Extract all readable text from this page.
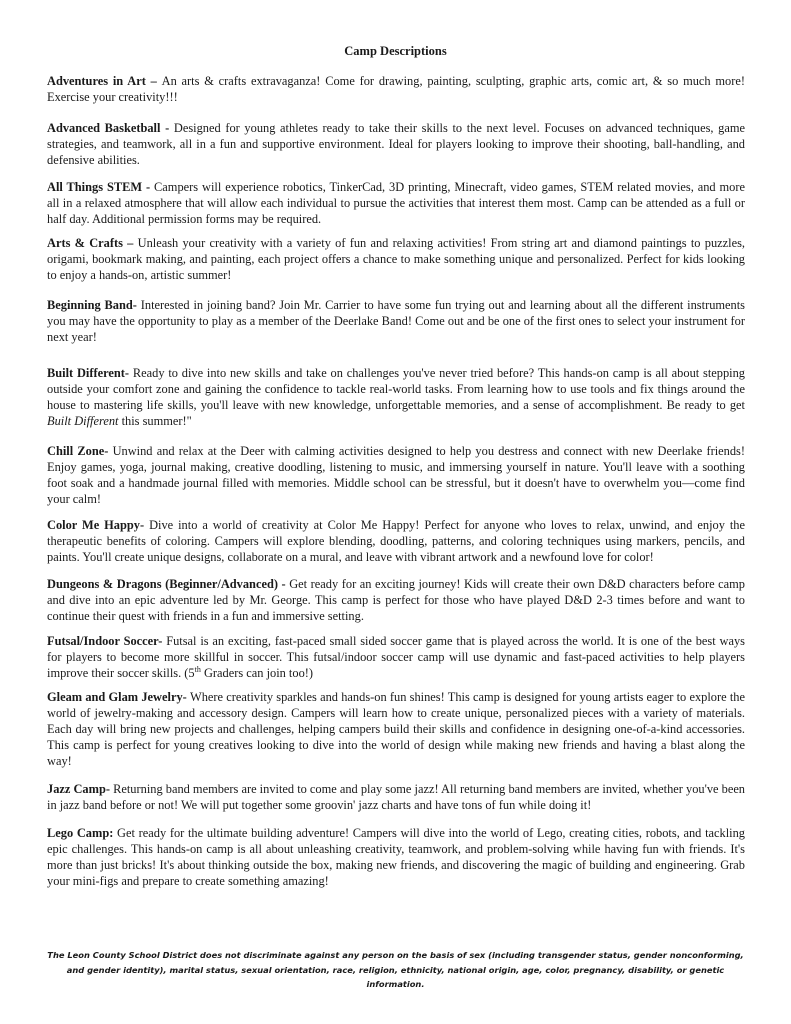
Camp Descriptions

Adventures in Art – An arts & crafts extravaganza! Come for drawing, painting, sculpting, graphic arts, comic art, & so much more! Exercise your creativity!!!

Advanced Basketball - Designed for young athletes ready to take their skills to the next level. Focuses on advanced techniques, game strategies, and teamwork, all in a fun and supportive environment. Ideal for players looking to improve their shooting, ball-handling, and defensive abilities.

All Things STEM - Campers will experience robotics, TinkerCad, 3D printing, Minecraft, video games, STEM related movies, and more all in a relaxed atmosphere that will allow each individual to pursue the activities that interest them most. Camp can be attended as a full or half day. Additional permission forms may be required.

Arts & Crafts – Unleash your creativity with a variety of fun and relaxing activities! From string art and diamond paintings to puzzles, origami, bookmark making, and painting, each project offers a chance to make something unique and personalized. Perfect for kids looking to enjoy a hands-on, artistic summer!

Beginning Band- Interested in joining band? Join Mr. Carrier to have some fun trying out and learning about all the different instruments you may have the opportunity to play as a member of the Deerlake Band! Come out and be one of the first ones to select your instrument for next year!

Built Different- Ready to dive into new skills and take on challenges you've never tried before? This hands-on camp is all about stepping outside your comfort zone and gaining the confidence to tackle real-world tasks. From learning how to use tools and fix things around the house to mastering life skills, you'll leave with new knowledge, unforgettable memories, and a sense of accomplishment. Be ready to get Built Different this summer!"

Chill Zone- Unwind and relax at the Deer with calming activities designed to help you destress and connect with new Deerlake friends! Enjoy games, yoga, journal making, creative doodling, listening to music, and immersing yourself in nature. You'll leave with a soothing foot soak and a handmade journal filled with memories. Middle school can be stressful, but it doesn't have to overwhelm you—come find your calm!

Color Me Happy- Dive into a world of creativity at Color Me Happy! Perfect for anyone who loves to relax, unwind, and enjoy the therapeutic benefits of coloring. Campers will explore blending, doodling, patterns, and coloring techniques using markers, pencils, and paints. You'll create unique designs, collaborate on a mural, and leave with vibrant artwork and a newfound love for color!

Dungeons & Dragons (Beginner/Advanced) - Get ready for an exciting journey! Kids will create their own D&D characters before camp and dive into an epic adventure led by Mr. George. This camp is perfect for those who have played D&D 2-3 times before and want to continue their quest with friends in a fun and immersive setting.

Futsal/Indoor Soccer- Futsal is an exciting, fast-paced small sided soccer game that is played across the world. It is one of the best ways for players to become more skillful in soccer. This futsal/indoor soccer camp will use dynamic and fast-paced activities to help players improve their soccer skills. (5th Graders can join too!)

Gleam and Glam Jewelry- Where creativity sparkles and hands-on fun shines! This camp is designed for young artists eager to explore the world of jewelry-making and accessory design. Campers will learn how to create unique, personalized pieces with a variety of materials. Each day will bring new projects and challenges, helping campers build their skills and confidence in designing one-of-a-kind accessories. This camp is perfect for young creatives looking to dive into the world of design while making new friends and having a blast along the way!

Jazz Camp- Returning band members are invited to come and play some jazz! All returning band members are invited, whether you've been in jazz band before or not! We will put together some groovin' jazz charts and have tons of fun while doing it!

Lego Camp: Get ready for the ultimate building adventure! Campers will dive into the world of Lego, creating cities, robots, and tackling epic challenges. This hands-on camp is all about unleashing creativity, teamwork, and problem-solving while having fun with friends. It's more than just bricks! It's about thinking outside the box, making new friends, and discovering the magic of building and engineering. Grab your mini-figs and prepare to create something amazing!

The Leon County School District does not discriminate against any person on the basis of sex (including transgender status, gender nonconforming, and gender identity), marital status, sexual orientation, race, religion, ethnicity, national origin, age, color, pregnancy, disability, or genetic information.
